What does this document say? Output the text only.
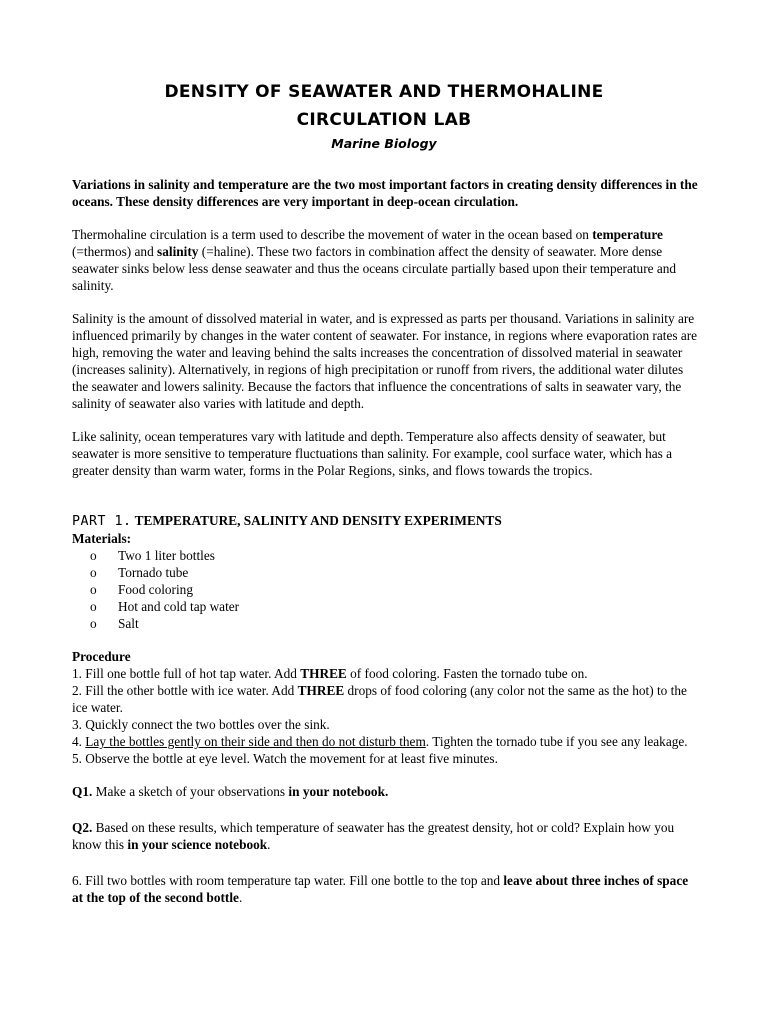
DENSITY OF SEAWATER AND THERMOHALINE
CIRCULATION LAB
Marine Biology

Variations in salinity and temperature are the two most important factors in creating density differences in the oceans. These density differences are very important in deep-ocean circulation.

Thermohaline circulation is a term used to describe the movement of water in the ocean based on temperature (=thermos) and salinity (=haline). These two factors in combination affect the density of seawater. More dense seawater sinks below less dense seawater and thus the oceans circulate partially based upon their temperature and salinity.

Salinity is the amount of dissolved material in water, and is expressed as parts per thousand. Variations in salinity are influenced primarily by changes in the water content of seawater. For instance, in regions where evaporation rates are high, removing the water and leaving behind the salts increases the concentration of dissolved material in seawater (increases salinity). Alternatively, in regions of high precipitation or runoff from rivers, the additional water dilutes the seawater and lowers salinity. Because the factors that influence the concentrations of salts in seawater vary, the salinity of seawater also varies with latitude and depth.

Like salinity, ocean temperatures vary with latitude and depth. Temperature also affects density of seawater, but seawater is more sensitive to temperature fluctuations than salinity. For example, cool surface water, which has a greater density than warm water, forms in the Polar Regions, sinks, and flows towards the tropics.

PART 1. TEMPERATURE, SALINITY AND DENSITY EXPERIMENTS
Materials:
o Two 1 liter bottles
o Tornado tube
o Food coloring
o Hot and cold tap water
o Salt
Procedure
1. Fill one bottle full of hot tap water. Add THREE of food coloring. Fasten the tornado tube on.
2. Fill the other bottle with ice water. Add THREE drops of food coloring (any color not the same as the hot) to the ice water.
3. Quickly connect the two bottles over the sink.
4. Lay the bottles gently on their side and then do not disturb them. Tighten the tornado tube if you see any leakage.
5. Observe the bottle at eye level. Watch the movement for at least five minutes.

Q1. Make a sketch of your observations in your notebook.

Q2. Based on these results, which temperature of seawater has the greatest density, hot or cold? Explain how you know this in your science notebook.

6. Fill two bottles with room temperature tap water. Fill one bottle to the top and leave about three inches of space at the top of the second bottle.
